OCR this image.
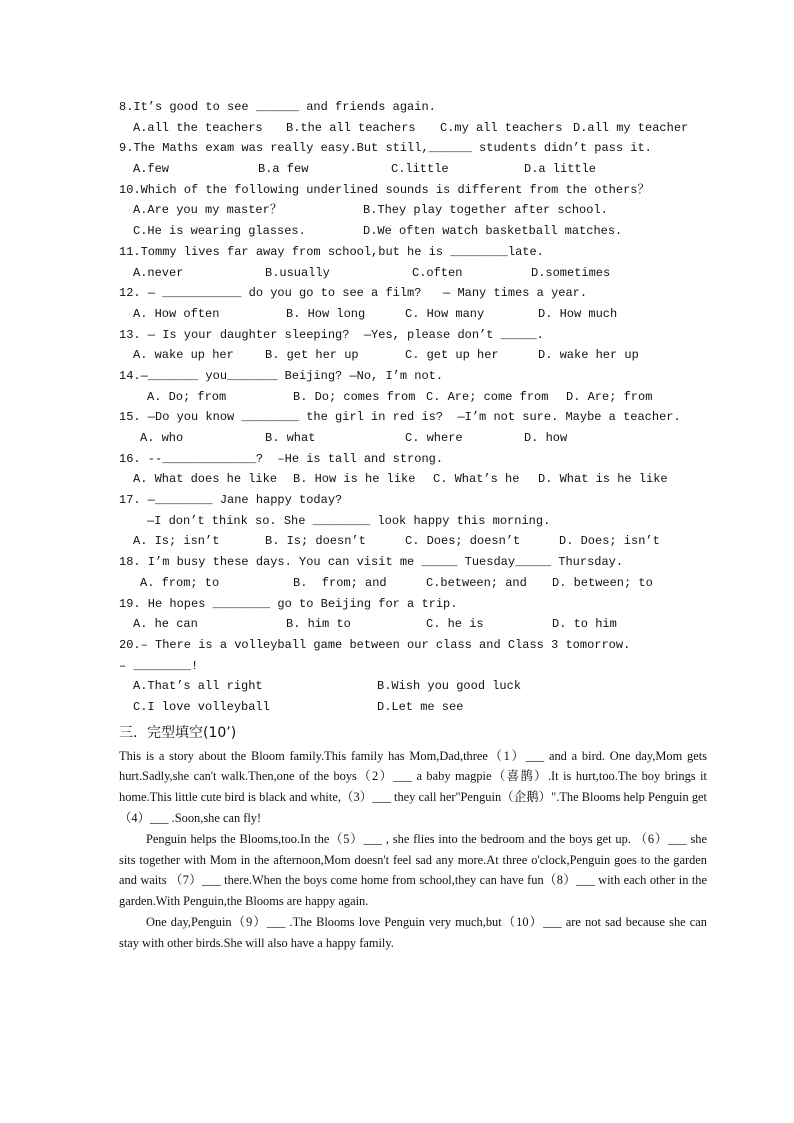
8.It’s good to see ______ and friends again.

A.all the teachers

B.the all teachers

C.my all teachers

D.all my teacher

9.The Maths exam was really easy.But still,______ students didn’t pass it.

A.few

	B.a few

	C.little

	D.a little

10.Which of the following underlined sounds is different from the others？

A.Are you my master？

	B.They play together after school.

C.He is wearing glasses.

	D.We often watch basketball matches.

11.Tommy lives far away from school,but he is ________late.

A.never

	B.usually

	C.often

	D.sometimes

12. — ___________ do you go to see a film?   — Many times a year.

A. How often

	B. How long

	C. How many

	D. How much

13. — Is your daughter sleeping?  —Yes, please don’t _____.

A. wake up her

	B. get her up

	C. get up her

	D. wake her up

14.—_______ you_______ Beijing? —No, I’m not.

A. Do; from

	B. Do; comes from

C. Are; come from

D. Are; from

15. —Do you know ________ the girl in red is?  —I’m not sure. Maybe a teacher.

A. who

	B. what

	C. where

	D. how

16. --_____________?  –He is tall and strong.

A. What does he like

B. How is he like

C. What’s he

D. What is he like

17. —________ Jane happy today?
—I don’t think so. She ________ look happy this morning.

A. Is; isn’t

	B. Is; doesn’t

	C. Does; doesn’t

	D. Does; isn’t

18. I’m busy these days. You can visit me _____ Tuesday_____ Thursday.

A. from; to

	B.  from; and

	C.between; and

D. between; to

19. He hopes ________ go to Beijing for a trip.

A. he can

	B. him to

	C. he is

	D. to him

20.– There is a volleyball game between our class and Class 3 tomorrow.
– ________!

A.That’s all right

	B.Wish you good luck

C.I love volleyball

	D.Let me see

三．完型填空(10’)

This is a story about the Bloom family.This family has Mom,Dad,three（1）___ and a bird. One day,Mom gets hurt.Sadly,she can't walk.Then,one of the boys（2）___ a baby magpie（喜鹊）.It is hurt,too.The boy brings it home.This little cute bird is black and white,（3）___ they call her"Penguin（企鹅）".The Blooms help Penguin get（4）___ .Soon,she can fly!

Penguin helps the Blooms,too.In the（5）___ , she flies into the bedroom and the boys get up. （6）___ she sits together with Mom in the afternoon,Mom doesn't feel sad any more.At three o'clock,Penguin goes to the garden and waits （7）___ there.When the boys come home from school,they can have fun（8）___ with each other in the garden.With Penguin,the Blooms are happy again.

One day,Penguin（9）___ .The Blooms love Penguin very much,but（10）___ are not sad because she can stay with other birds.She will also have a happy family.
